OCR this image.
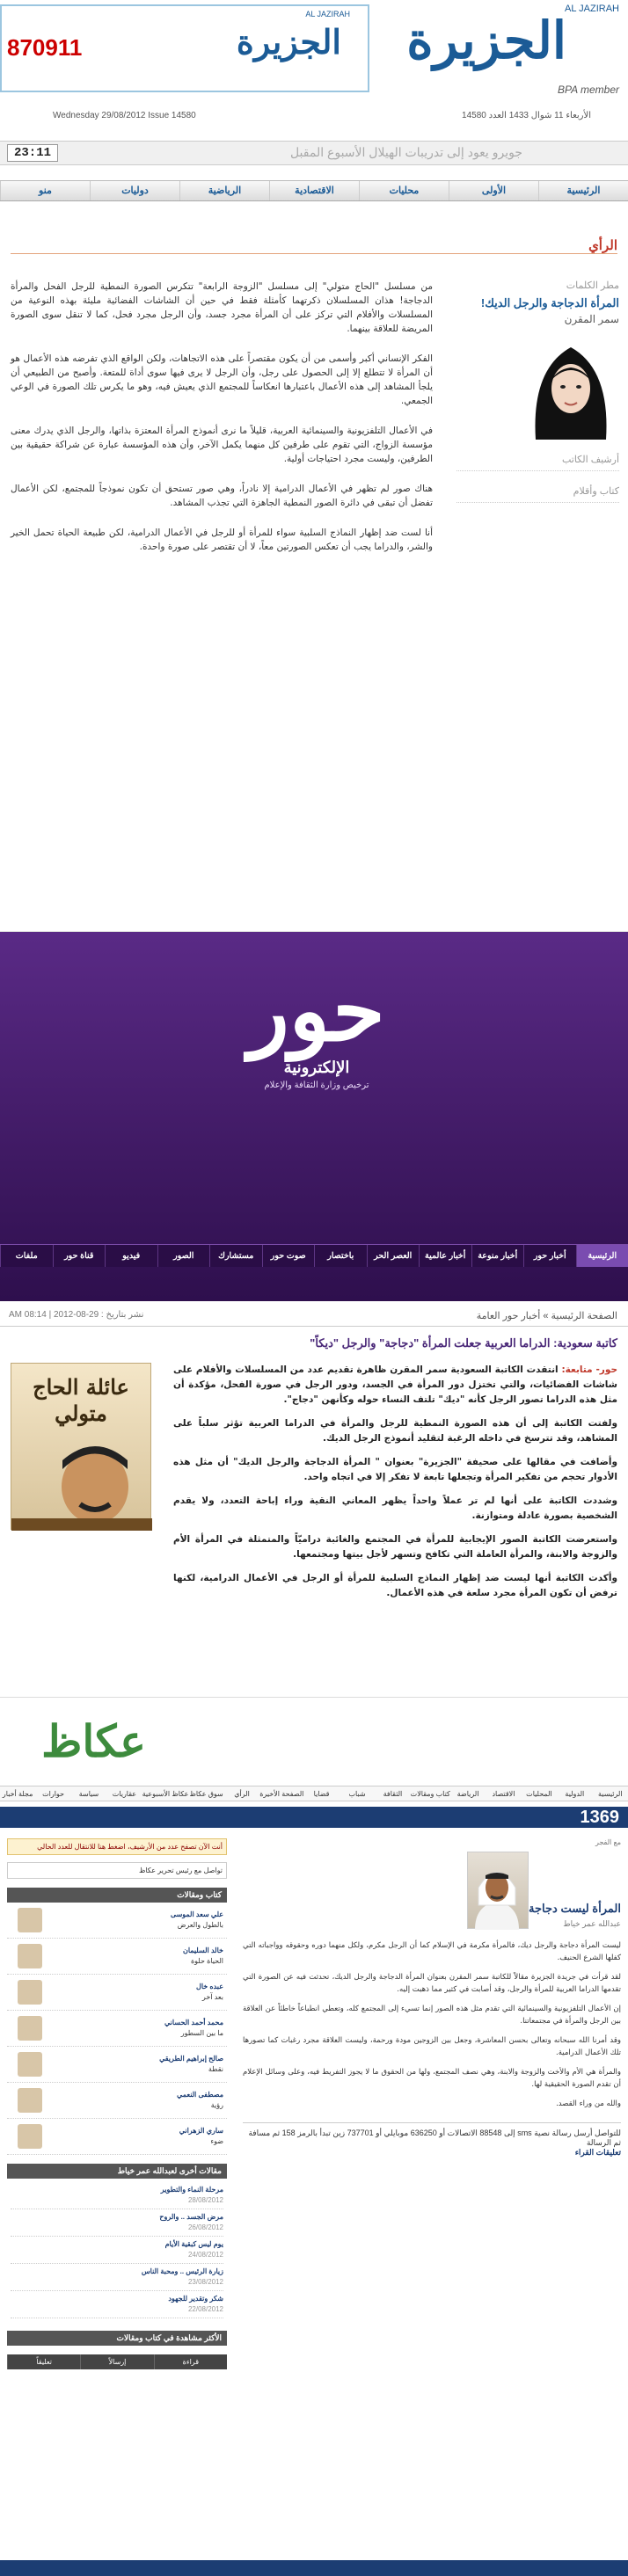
870911
AL JAZIRAH
الجزيرة
AL JAZIRAH
الجزيرة
BPA member
Wednesday 29/08/2012 Issue 14580	الأربعاء 11 شوال 1433 العدد 14580
23:11	جويرو يعود إلى تدريبات الهيلال الأسبوع المقبل
الرئيسية
الأولى
محليات
الاقتصادية
الرياضية
دوليات
منو
الرأي

من مسلسل "الحاج متولي" إلى مسلسل "الزوجة الرابعة" تتكرس الصورة النمطية للرجل الفحل والمرأة الدجاجة! هذان المسلسلان ذكرتهما كأمثلة فقط في حين أن الشاشات الفضائية مليئة بهذه النوعية من المسلسلات والأفلام التي تركز على أن المرأة مجرد جسد، وأن الرجل مجرد فحل، كما لا تنقل سوى الصورة المريضة للعلاقة بينهما.

الفكر الإنساني أكبر وأسمى من أن يكون مقتصراً على هذه الاتجاهات، ولكن الواقع الذي تفرضه هذه الأعمال هو أن المرأة لا تتطلع إلا إلى الحصول على رجل، وأن الرجل لا يرى فيها سوى أداة للمتعة. وأصبح من الطبيعي أن يلجأ المشاهد إلى هذه الأعمال باعتبارها انعكاساً للمجتمع الذي يعيش فيه، وهو ما يكرس تلك الصورة في الوعي الجمعي.

في الأعمال التلفزيونية والسينمائية العربية، قليلاً ما نرى أنموذج المرأة المعتزة بذاتها، والرجل الذي يدرك معنى مؤسسة الزواج، التي تقوم على طرفين كل منهما يكمل الآخر، وأن هذه المؤسسة عبارة عن شراكة حقيقية بين الطرفين، وليست مجرد احتياجات أولية.

هناك صور لم تظهر في الأعمال الدرامية إلا نادراً، وهي صور تستحق أن تكون نموذجاً للمجتمع، لكن الأعمال تفضل أن تبقى في دائرة الصور النمطية الجاهزة التي تجذب المشاهد.

أنا لست ضد إظهار النماذج السلبية سواء للمرأة أو للرجل في الأعمال الدرامية، لكن طبيعة الحياة تحمل الخير والشر، والدراما يجب أن تعكس الصورتين معاً، لا أن تقتصر على صورة واحدة.

مطر الكلمات
المرأة الدجاجة والرجل الديك!
سمر المقرن
أرشيف الكاتب
كتاب وأقلام
حور
الإلكترونية
ترخيص وزارة الثقافة والإعلام
الرئيسية
أخبار حور
أخبار منوعة
أخبار عالمية
العصر الحر
باختصار
صوت حور
مستشارك
الصور
فيديو
قناة حور
ملفات
الصفحة الرئيسية » أخبار حور العامة
نشر بتاريخ : 29-08-2012 | 08:14 AM
كاتبة سعودية: الدراما العربية جعلت المرأة "دجاجة" والرجل "ديكاً"
عائلة الحاج متولي

حور- متابعة: انتقدت الكاتبة السعودية سمر المقرن ظاهرة تقديم عدد من المسلسلات والأفلام على شاشات الفضائيات، والتي تختزل دور المرأة في الجسد، ودور الرجل في صورة الفحل، مؤكدة أن مثل هذه الدراما تصور الرجل كأنه "ديك" تلتف النساء حوله وكأنهن "دجاج".

ولفتت الكاتبة إلى أن هذه الصورة النمطية للرجل والمرأة في الدراما العربية تؤثر سلباً على المشاهد، وقد تترسخ في داخله الرغبة لتقليد أنموذج الرجل الديك.

وأضافت في مقالها على صحيفة "الجزيرة" بعنوان " المرأة الدجاجة والرجل الديك" أن مثل هذه الأدوار تحجم من تفكير المرأة وتجعلها تابعة لا تفكر إلا في اتجاه واحد.

وشددت الكاتبة على أنها لم تر عملاً واحداً يظهر المعاني النقية وراء إباحة التعدد، ولا يقدم الشخصية بصورة عادلة ومتوازنة.

واستعرضت الكاتبة الصور الإيجابية للمرأة في المجتمع والغائبة دراميّاً والمتمثلة في المرأة الأم والزوجة والابنة، والمرأة العاملة التي تكافح وتسهر لأجل بيتها ومجتمعها.

وأكدت الكاتبة أنها ليست ضد إظهار النماذج السلبية للمرأة أو الرجل في الأعمال الدرامية، لكنها ترفض أن تكون المرأة مجرد سلعة في هذه الأعمال.

عكاظ
الرئيسية
الدولية
المحليات
الاقتصاد
الرياضة
كتاب ومقالات
الثقافة
شباب
قضايا
الصفحة الأخيرة
الرأي
سوق عكاظ
عكاظ الأسبوعية
عقاريات
سياسة
حوارات
مجلة أخبار
1369
أنت الآن تصفح عدد من الأرشيف، اضغط هنا للانتقال للعدد الحالي
تواصل مع رئيس تحرير عكاظ
كتاب ومقالات
علي سعد الموسى
بالطول والعرض
خالد السليمان
الحياة حلوة
عبده خال
بعد آخر
محمد أحمد الحساني
ما بين السطور
صالح إبراهيم الطريقي
نقطة
مصطفى النعمي
رؤية
ساري الزهراني
ضوء
مقالات أخرى لعبدالله عمر خياط
مرحلة النماء والتطوير
28/08/2012
مرض الجسد .. والروح
26/08/2012
يوم ليس كبقية الأيام
24/08/2012
زيارة الرئيس .. ومحبة الناس
23/08/2012
شكر وتقدير للجهود
22/08/2012
الأكثر مشاهدة في كتاب ومقالات
قراءة
إرسالاً
تعليقاً
مع الفجر
المرأة ليست دجاجة
عبدالله عمر خياط

ليست المرأة دجاجة والرجل ديك، فالمرأة مكرمة في الإسلام كما أن الرجل مكرم، ولكل منهما دوره وحقوقه وواجباته التي كفلها الشرع الحنيف.

لقد قرأت في جريدة الجزيرة مقالاً للكاتبة سمر المقرن بعنوان المرأة الدجاجة والرجل الديك، تحدثت فيه عن الصورة التي تقدمها الدراما العربية للمرأة والرجل، وقد أصابت في كثير مما ذهبت إليه.

إن الأعمال التلفزيونية والسينمائية التي تقدم مثل هذه الصور إنما تسيء إلى المجتمع كله، وتعطي انطباعاً خاطئاً عن العلاقة بين الرجل والمرأة في مجتمعاتنا.

وقد أمرنا الله سبحانه وتعالى بحسن المعاشرة، وجعل بين الزوجين مودة ورحمة، وليست العلاقة مجرد رغبات كما تصورها تلك الأعمال الدرامية.

والمرأة هي الأم والأخت والزوجة والابنة، وهي نصف المجتمع، ولها من الحقوق ما لا يجوز التفريط فيه، وعلى وسائل الإعلام أن تقدم الصورة الحقيقية لها.

والله من وراء القصد.

للتواصل أرسل رسالة نصية sms إلى 88548 الاتصالات أو 636250 موبايلي أو 737701 زين تبدأ بالرمز 158 ثم مسافة ثم الرسالة
تعليقات القراء
